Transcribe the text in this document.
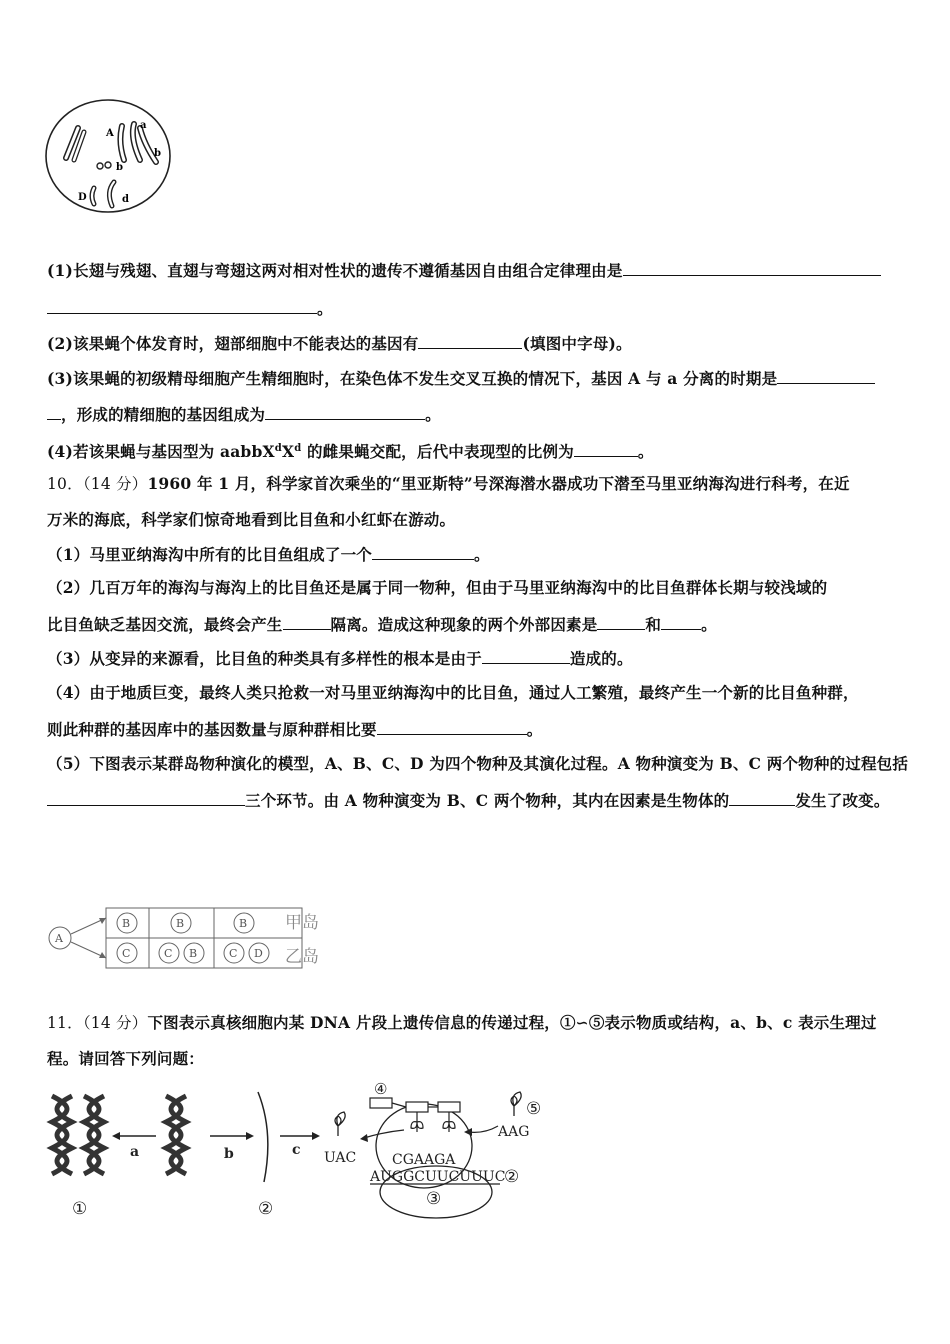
A
a
b
b
D	d
(1)长翅与残翅、直翅与弯翅这两对相对性状的遗传不遵循基因自由组合定律理由是
。
(2)该果蝇个体发育时，翅部细胞中不能表达的基因有	(填图中字母)。
(3)该果蝇的初级精母细胞产生精细胞时，在染色体不发生交叉互换的情况下，基因 A 与 a 分离的时期是
，形成的精细胞的基因组成为	。
(4)若该果蝇与基因型为 $aabbX^dX^d$ 的雌果蝇交配，后代中表现型的比例为	。
10．（14 分）1960 年 1 月，科学家首次乘坐的“里亚斯特”号深海潜水器成功下潜至马里亚纳海沟进行科考，在近
万米的海底，科学家们惊奇地看到比目鱼和小红虾在游动。
（1）马里亚纳海沟中所有的比目鱼组成了一个	。
（2）几百万年的海沟与海沟上的比目鱼还是属于同一物种，但由于马里亚纳海沟中的比目鱼群体长期与较浅域的
比目鱼缺乏基因交流，最终会产生	隔离。造成这种现象的两个外部因素是	和	。
（3）从变异的来源看，比目鱼的种类具有多样性的根本是由于	造成的。
（4）由于地质巨变，最终人类只抢救一对马里亚纳海沟中的比目鱼，通过人工繁殖，最终产生一个新的比目鱼种群，
则此种群的基因库中的基因数量与原种群相比要	。
（5）下图表示某群岛物种演化的模型，A、B、C、D 为四个物种及其演化过程。A 物种演变为 B、C 两个物种的过程包括
三个环节。由 A 物种演变为 B、C 两个物种，其内在因素是生物体的	发生了改变。
A
B	B	B
C	C B	C D
甲岛
乙岛
11．（14 分）下图表示真核细胞内某 DNA 片段上遗传信息的传递过程，①∽⑤表示物质或结构，a、b、c 表示生理过
程。请回答下列问题：
a	b	c
①	②
UAC
AAG
⑤
④
CGAAGA
AUGGCUUCUUUC
②
③
